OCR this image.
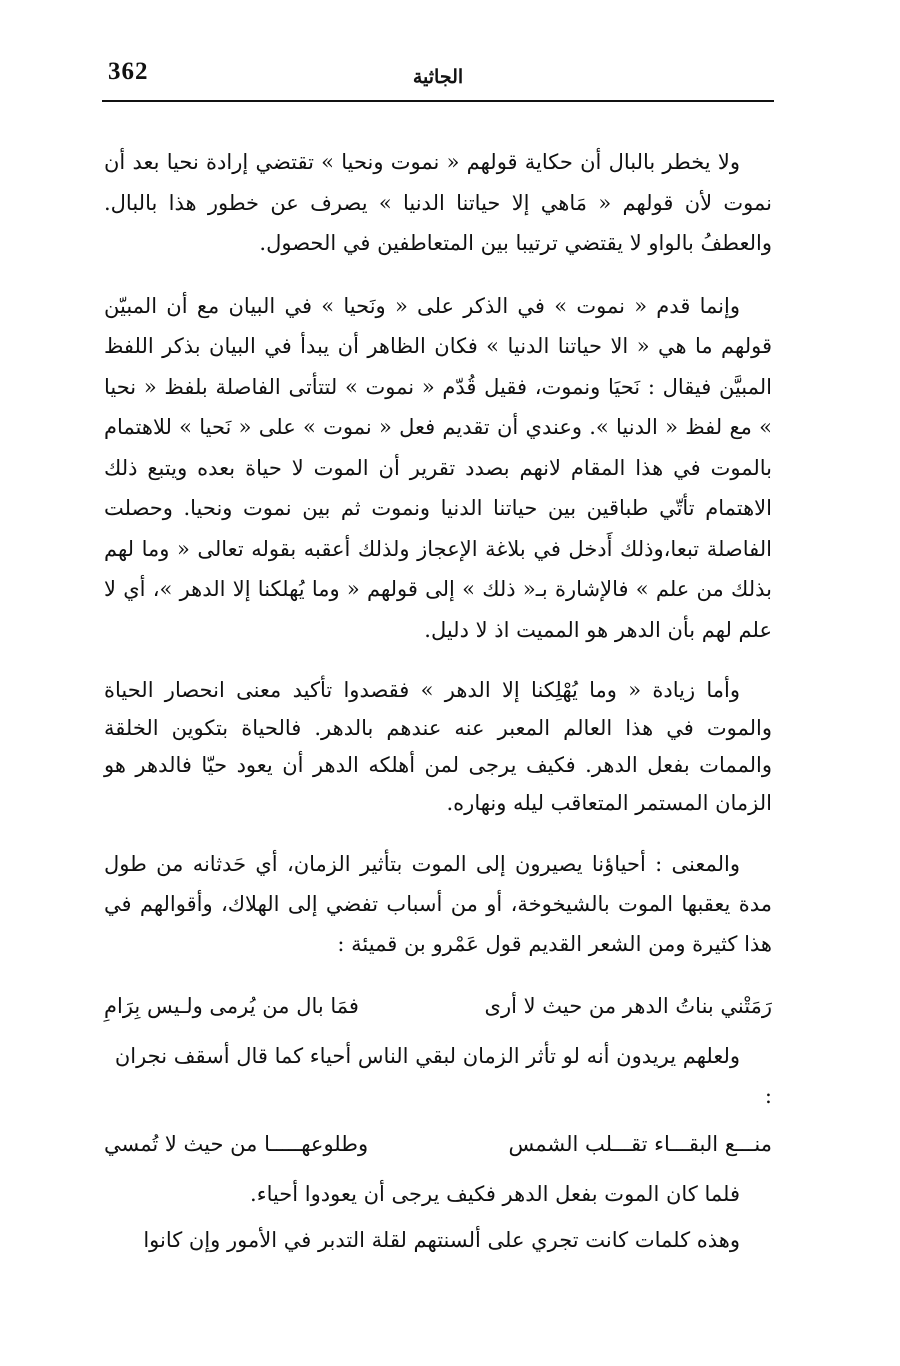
362	الجاثية

ولا يخطر بالبال أن حكاية قولهم « نموت ونحيا » تقتضي إرادة نحيا بعد أن نموت لأن قولهم « مَاهي إلا حياتنا الدنيا » يصرف عن خطور هذا بالبال. والعطفُ بالواو لا يقتضي ترتيبا بين المتعاطفين في الحصول.

وإنما قدم « نموت » في الذكر على « ونَحيا » في البيان مع أن المبيّن قولهم ما هي « الا حياتنا الدنيا » فكان الظاهر أن يبدأ في البيان بذكر اللفظ المبيَّن فيقال : نَحيَا ونموت، فقيل قُدّم « نموت » لتتأتى الفاصلة بلفظ « نحيا » مع لفظ « الدنيا ». وعندي أن تقديم فعل « نموت » على « نَحيا » للاهتمام بالموت في هذا المقام لانهم بصدد تقرير أن الموت لا حياة بعده ويتبع ذلك الاهتمام تأتّي طباقين بين حياتنا الدنيا ونموت ثم بين نموت ونحيا. وحصلت الفاصلة تبعا،وذلك أَدخل في بلاغة الإعجاز ولذلك أعقبه بقوله تعالى « وما لهم بذلك من علم » فالإشارة بـ« ذلك » إلى قولهم « وما يُهلكنا إلا الدهر »، أي لا علم لهم بأن الدهر هو المميت اذ لا دليل.

وأما زيادة « وما يُهْلِكنا إلا الدهر » فقصدوا تأكيد معنى انحصار الحياة والموت في هذا العالم المعبر عنه عندهم بالدهر. فالحياة بتكوين الخلقة والممات بفعل الدهر. فكيف يرجى لمن أهلكه الدهر أن يعود حيّا فالدهر هو الزمان المستمر المتعاقب ليله ونهاره.

والمعنى : أحياؤنا يصيرون إلى الموت بتأثير الزمان، أي حَدثانه من طول مدة يعقبها الموت بالشيخوخة، أو من أسباب تفضي إلى الهلاك، وأقوالهم في هذا كثيرة ومن الشعر القديم قول عَمْرو بن قميئة :

رَمَتْني بناتُ الدهر من حيث لا أرى
فمَا بال من يُرمى ولـيس بِرَامِ

ولعلهم يريدون أنه لو تأثر الزمان لبقي الناس أحياء كما قال أسقف نجران :

منـــع البقـــاء تقـــلب الشمس
وطلوعهـــــا من حيث لا تُمسي

فلما كان الموت بفعل الدهر فكيف يرجى أن يعودوا أحياء.

وهذه كلمات كانت تجري على ألسنتهم لقلة التدبر في الأمور وإن كانوا
